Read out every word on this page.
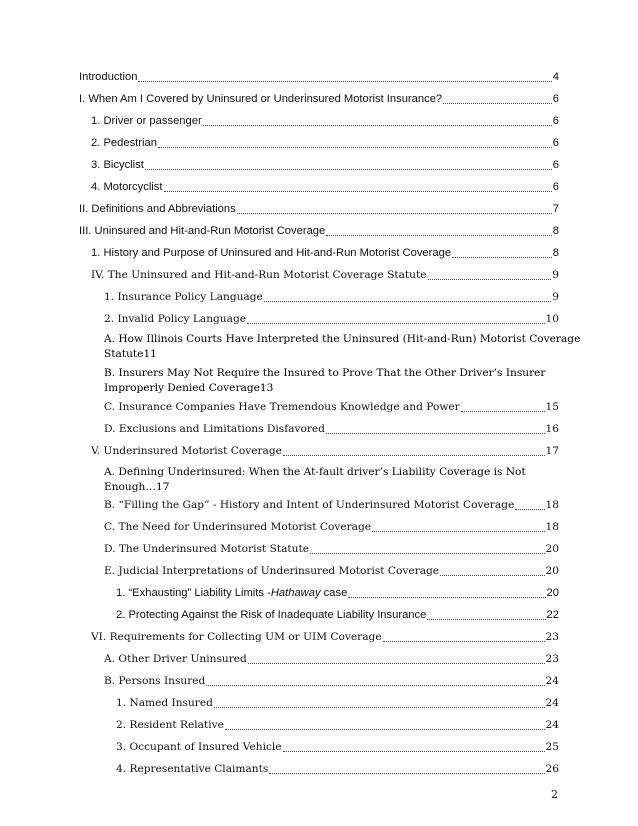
Introduction	4
I. When Am I Covered by Uninsured or Underinsured Motorist Insurance?	6
1. Driver or passenger	6
2. Pedestrian	6
3. Bicyclist	6
4. Motorcyclist	6
II. Definitions and Abbreviations	7
III. Uninsured and Hit-and-Run Motorist Coverage	8
1. History and Purpose of Uninsured and Hit-and-Run Motorist Coverage	8
IV. The Uninsured and Hit-and-Run Motorist Coverage Statute	9
1. Insurance Policy Language	9
2. Invalid Policy Language	10
A. How Illinois Courts Have Interpreted the Uninsured (Hit-and-Run) Motorist Coverage
Statute 11
B. Insurers May Not Require the Insured to Prove That the Other Driver’s Insurer
Improperly Denied Coverage 13
C. Insurance Companies Have Tremendous Knowledge and Power	15
D. Exclusions and Limitations Disfavored	16
V. Underinsured Motorist Coverage	17
A. Defining Underinsured: When the At-fault driver’s Liability Coverage is Not
Enough… 17
B. “Filling the Gap” - History and Intent of Underinsured Motorist Coverage	18
C. The Need for Underinsured Motorist Coverage	18
D. The Underinsured Motorist Statute	20
E. Judicial Interpretations of Underinsured Motorist Coverage	20
1. “Exhausting” Liability Limits - Hathaway case	20
2. Protecting Against the Risk of Inadequate Liability Insurance	22
VI. Requirements for Collecting UM or UIM Coverage	23
A. Other Driver Uninsured	23
B. Persons Insured	24
1. Named Insured	24
2. Resident Relative	24
3. Occupant of Insured Vehicle	25
4. Representative Claimants	26
2
